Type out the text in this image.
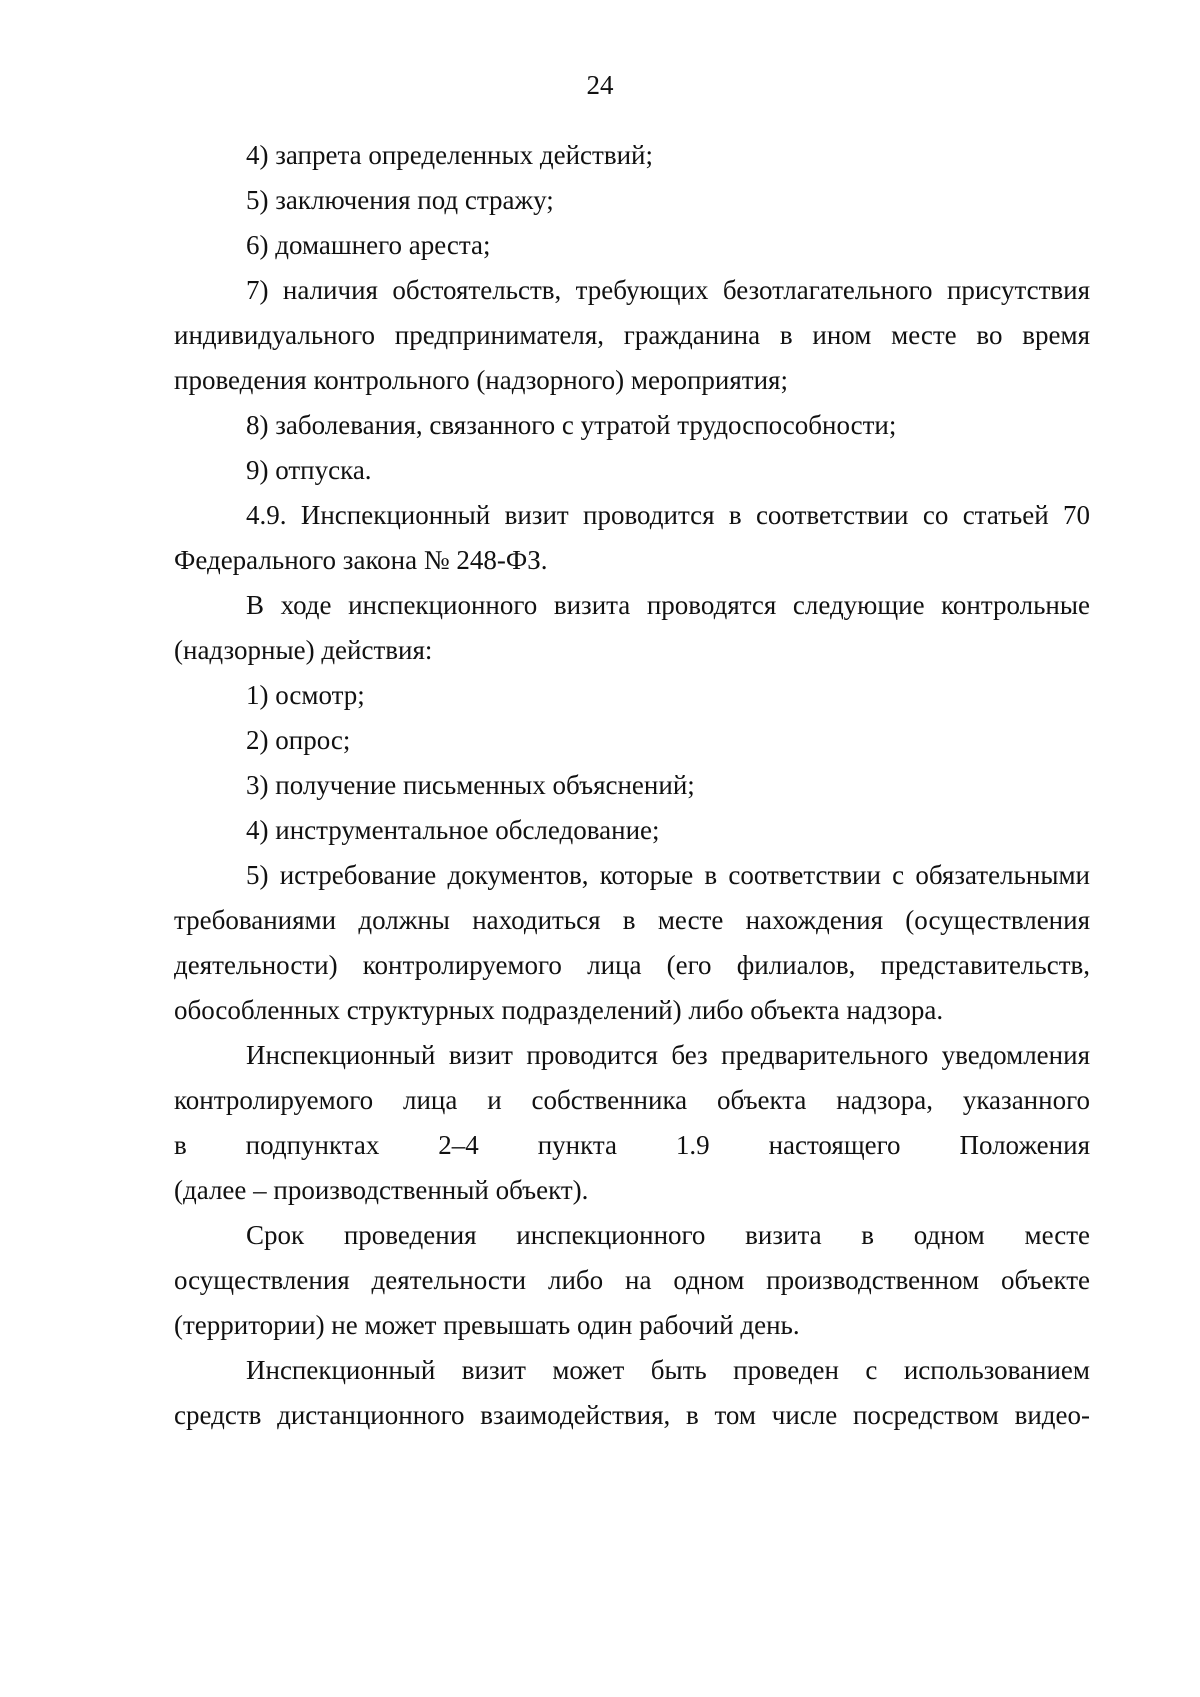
24
4) запрета определенных действий;
5) заключения под стражу;
6) домашнего ареста;
7) наличия обстоятельств, требующих безотлагательного присутствия
индивидуального предпринимателя, гражданина в ином месте во время
проведения контрольного (надзорного) мероприятия;
8) заболевания, связанного с утратой трудоспособности;
9) отпуска.
4.9. Инспекционный визит проводится в соответствии со статьей 70
Федерального закона № 248-ФЗ.
В ходе инспекционного визита проводятся следующие контрольные
(надзорные) действия:
1) осмотр;
2) опрос;
3) получение письменных объяснений;
4) инструментальное обследование;
5) истребование документов, которые в соответствии с обязательными
требованиями должны находиться в месте нахождения (осуществления
деятельности) контролируемого лица (его филиалов, представительств,
обособленных структурных подразделений) либо объекта надзора.
Инспекционный визит проводится без предварительного уведомления
контролируемого лица и собственника объекта надзора, указанного
в подпунктах 2–4 пункта 1.9 настоящего Положения
(далее – производственный объект).
Срок проведения инспекционного визита в одном месте
осуществления деятельности либо на одном производственном объекте
(территории) не может превышать один рабочий день.
Инспекционный визит может быть проведен с использованием
средств дистанционного взаимодействия, в том числе посредством видео-
